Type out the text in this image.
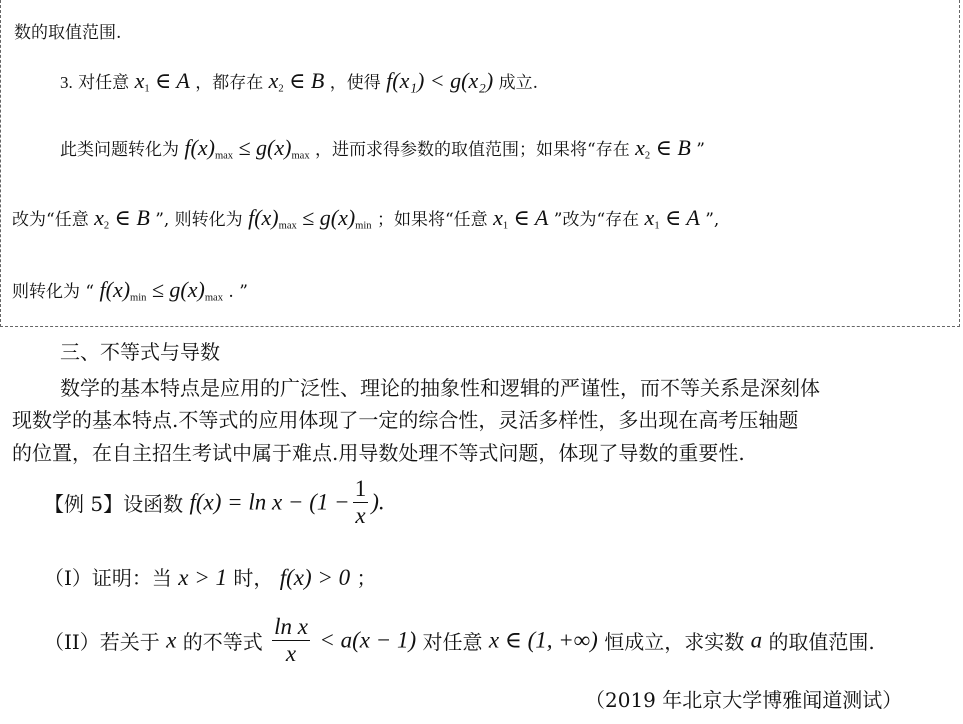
数的取值范围.
3. 对任意 $x_1$ ∈ A ，都存在 $x_2$ ∈ B ，使得 f(x₁) < g(x₂) 成立.
此类问题转化为 $f(x)_{max} \le g(x)_{max}$ ，进而求得参数的取值范围；如果将“存在 $x_2$ ∈ B ”
改为“任意 $x_2$ ∈ B ”, 则转化为 $f(x)_{max} \le g(x)_{min}$ ；如果将“任意 $x_1$ ∈ A ”改为“存在 $x_1$ ∈ A ”,
则转化为 “ $f(x)_{min} \le g(x)_{max}$ . ”
三、不等式与导数
数学的基本特点是应用的广泛性、理论的抽象性和逻辑的严谨性，而不等关系是深刻体
现数学的基本特点.不等式的应用体现了一定的综合性，灵活多样性，多出现在高考压轴题
的位置，在自主招生考试中属于难点.用导数处理不等式问题，体现了导数的重要性.
【例 5】设函数 $f(x) = \ln x - (1 - \frac{1}{x}$ ).
（I）证明：当 x > 1 时， f(x) > 0 ；
（II）若关于 x 的不等式 $\frac{\text{ln x}}{x} < a(x - 1)$ 对任意 x ∈ (1, +∞) 恒成立，求实数 a 的取值范围.
（2019 年北京大学博雅闻道测试）
